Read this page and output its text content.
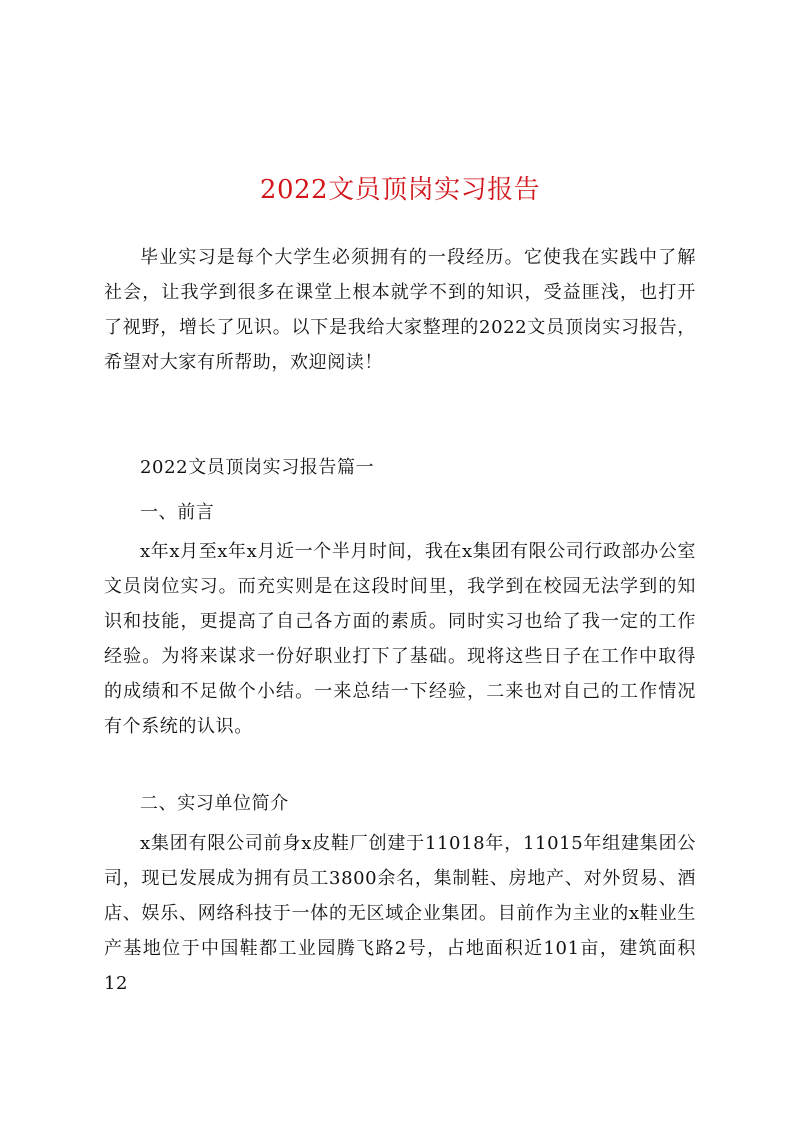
2022文员顶岗实习报告

毕业实习是每个大学生必须拥有的一段经历。它使我在实践中了解社会，让我学到很多在课堂上根本就学不到的知识，受益匪浅，也打开了视野，增长了见识。以下是我给大家整理的2022文员顶岗实习报告，希望对大家有所帮助，欢迎阅读！

2022文员顶岗实习报告篇一

一、前言

x年x月至x年x月近一个半月时间，我在x集团有限公司行政部办公室文员岗位实习。而充实则是在这段时间里，我学到在校园无法学到的知识和技能，更提高了自己各方面的素质。同时实习也给了我一定的工作经验。为将来谋求一份好职业打下了基础。现将这些日子在工作中取得的成绩和不足做个小结。一来总结一下经验，二来也对自己的工作情况有个系统的认识。

二、实习单位简介

x集团有限公司前身x皮鞋厂创建于11018年，11015年组建集团公司，现已发展成为拥有员工3800余名，集制鞋、房地产、对外贸易、酒店、娱乐、网络科技于一体的无区域企业集团。目前作为主业的x鞋业生产基地位于中国鞋都工业园腾飞路2号，占地面积近101亩，建筑面积12
